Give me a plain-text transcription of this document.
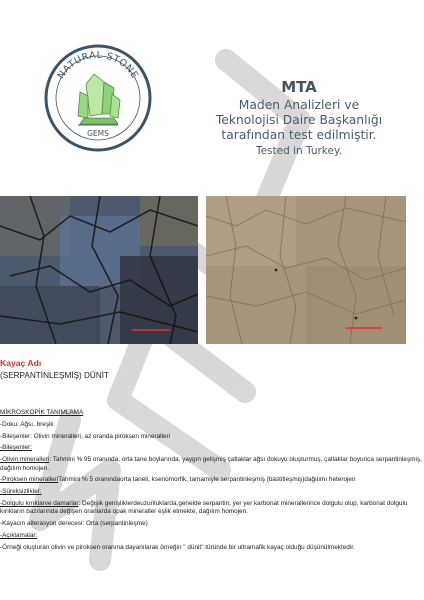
NATURAL STONE
GEMS
MTA
Maden Analizleri ve
Teknolojisi Daire Başkanlığı
tarafından test edilmiştir.
Tested in Turkey.
Kayaç Adı
(SERPANTİNLEŞMİŞ) DÜNİT
MİKROSKOPİK TANIMLAMA
-Doku: Ağsı, breşik
-Bileşenler: Olivin mineralleri, az oranda piroksen mineralleri
-Bileşenler:
-Olivin mineralleri: Tahmini % 95 oranında, orta tane boylarında, yaygın gelişmiş çatlaklar ağsı dokuyu oluşturmuş, çatlaklar boyunca serpantinleşmiş, dağılım homojen.
-Piroksen mineralleriTahmini % 5 oranındaorta taneli, ksenomorfik, tamamiyle serpantinleşmiş (bastitleşmiş)dağılımı heterojen
-Süreksizlikler:
-Dolgulu kırıklarve damarlar: Değişik genişliklerdeuzunluklarda,genelde serpantin, yer yer karbonat minerallerince dolgulu olup, karbonat dolgulu kırıkların bazılarında değişen oranlarda opak mineraller eşlik etmekte, dağılım homojen.
-Kayacın alterasyon derecesi: Orta (serpantinleşme)
-Açıklamalar:
-Örneği oluşturan olivin ve piroksen oranına dayanılarak örneğin " dünit" türünde bir ultramafik kayaç olduğu düşünülmektedir.
